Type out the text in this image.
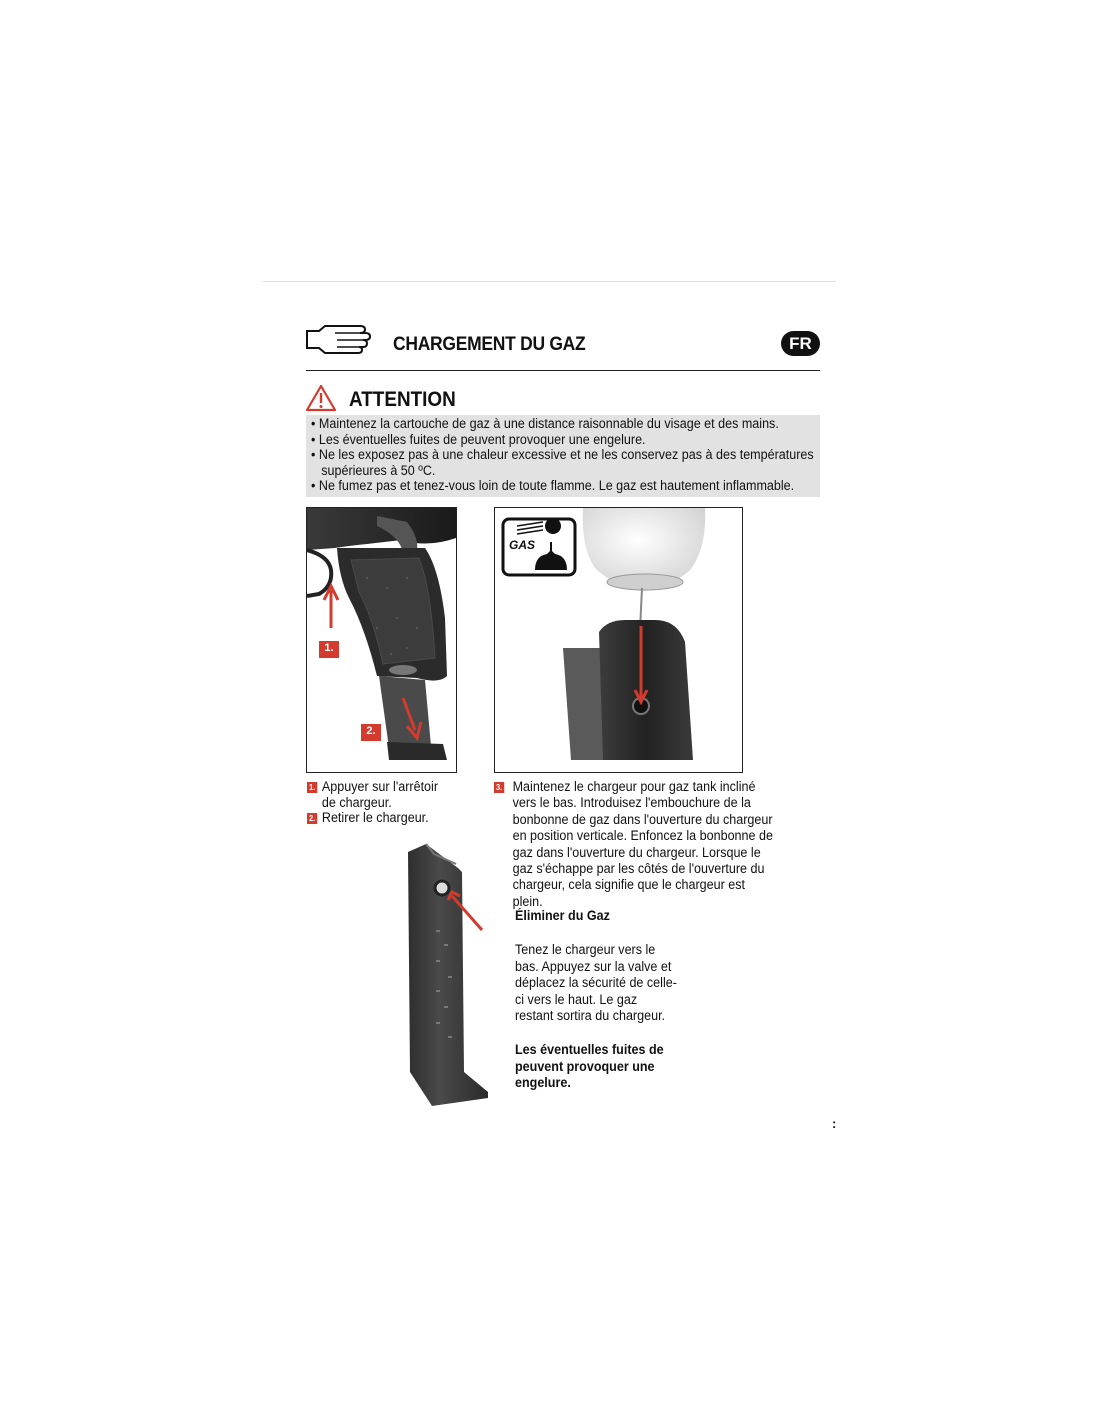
CHARGEMENT DU GAZ	FR
ATTENTION
• Maintenez la cartouche de gaz à une distance raisonnable du visage et des mains.
• Les éventuelles fuites de peuvent provoquer une engelure.
• Ne les exposez pas à une chaleur excessive et ne les conservez pas à des températures supérieures à 50 ºC.
• Ne fumez pas et tenez-vous loin de toute flamme. Le gaz est hautement inflammable.
1.
2.
GAS
1. Appuyer sur l'arrêtoir de chargeur.
2. Retirer le chargeur.
3. Maintenez le chargeur pour gaz tank incliné vers le bas. Introduisez l'embouchure de la bonbonne de gaz dans l'ouverture du chargeur en position verticale. Enfoncez la bonbonne de gaz dans l'ouverture du chargeur. Lorsque le gaz s'échappe par les côtés de l'ouverture du chargeur, cela signifie que le chargeur est plein.
Éliminer du Gaz
Tenez le chargeur vers le bas. Appuyez sur la valve et déplacez la sécurité de celle-ci vers le haut. Le gaz restant sortira du chargeur.
Les éventuelles fuites de peuvent provoquer une engelure.
:
